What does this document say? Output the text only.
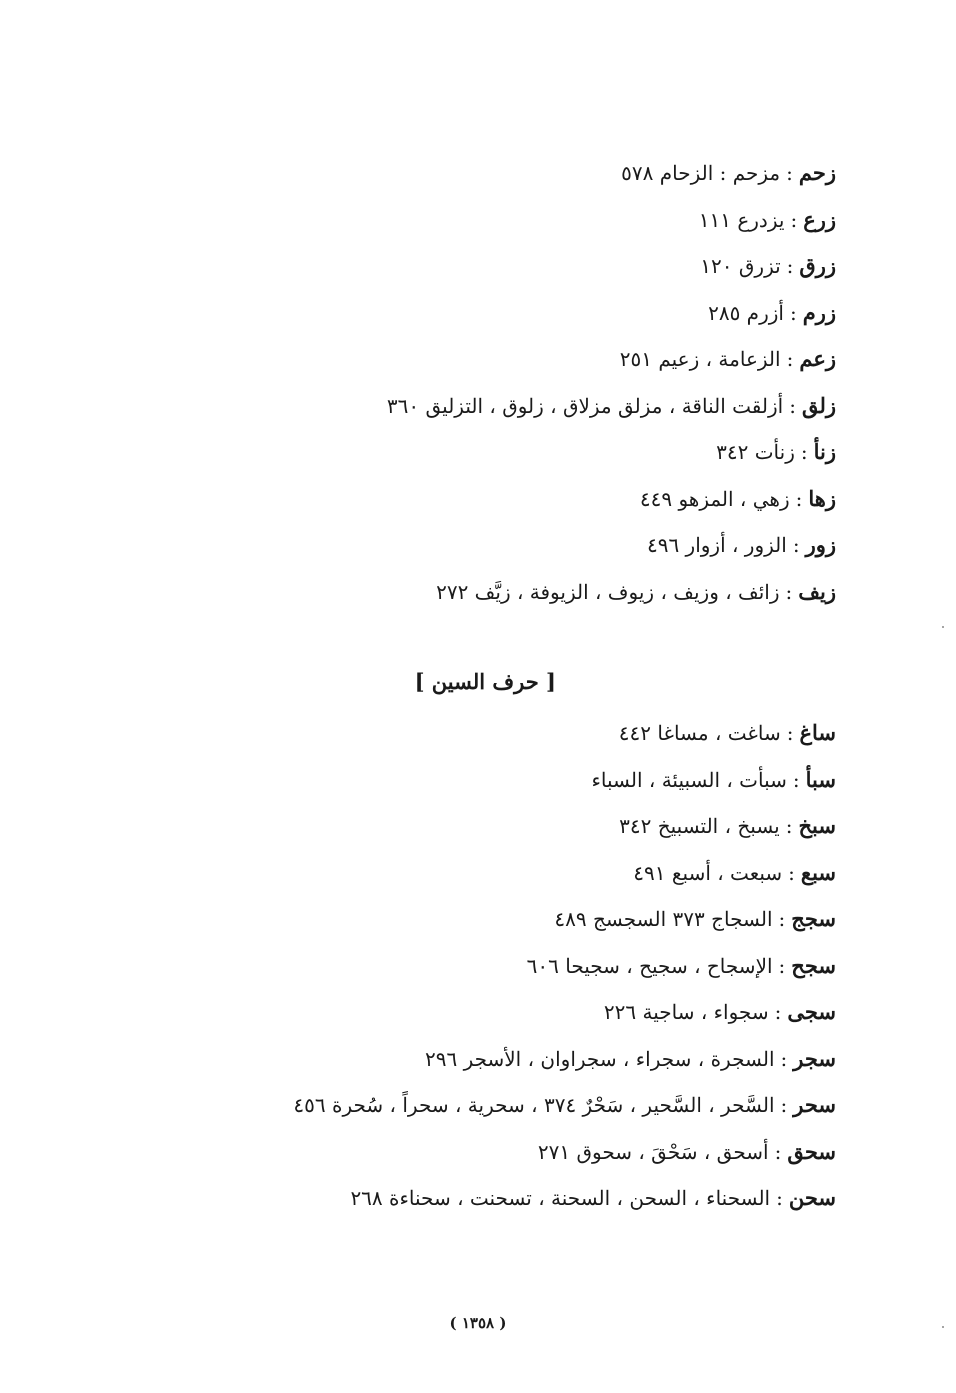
زحم:مزحم : الزحام ٥٧٨
زرع:يزدرع ١١١
زرق:تزرق ١٢٠
زرم:أزرم ٢٨٥
زعم:الزعامة ، زعيم ٢٥١
زلق:أزلقت الناقة ، مزلق مزلاق ، زلوق ، التزليق ٣٦٠
زنأ:زنأت ٣٤٢
زها:زهي ، المزهو ٤٤٩
زور:الزور ، أزوار ٤٩٦
زيف:زائف ، وزيف ، زيوف ، الزيوفة ، زيَّف ٢٧٢
[ حرف السين ]
ساغ:ساغت ، مساغا ٤٤٢
سبأ:سبأت ، السبيئة ، السباء
سبخ:يسبخ ، التسبيخ ٣٤٢
سبع:سبعت ، أسبع ٤٩١
سجج:السجاج ٣٧٣ السجسج ٤٨٩
سجح:الإسجاح ، سجيح ، سجيحا ٦٠٦
سجى:سجواء ، ساجية ٢٢٦
سجر:السجرة ، سجراء ، سجراوان ، الأسجر ٢٩٦
سحر:السَّحر ، السَّحير ، سَحْرٌ ٣٧٤ ، سحرية ، سحراً ، سُحرة ٤٥٦
سحق:أسحق ، سَحْقَ ، سحوق ٢٧١
سحن:السحناء ، السحن ، السحنة ، تسحنت ، سحناءة ٢٦٨
( ١٣٥٨ )
